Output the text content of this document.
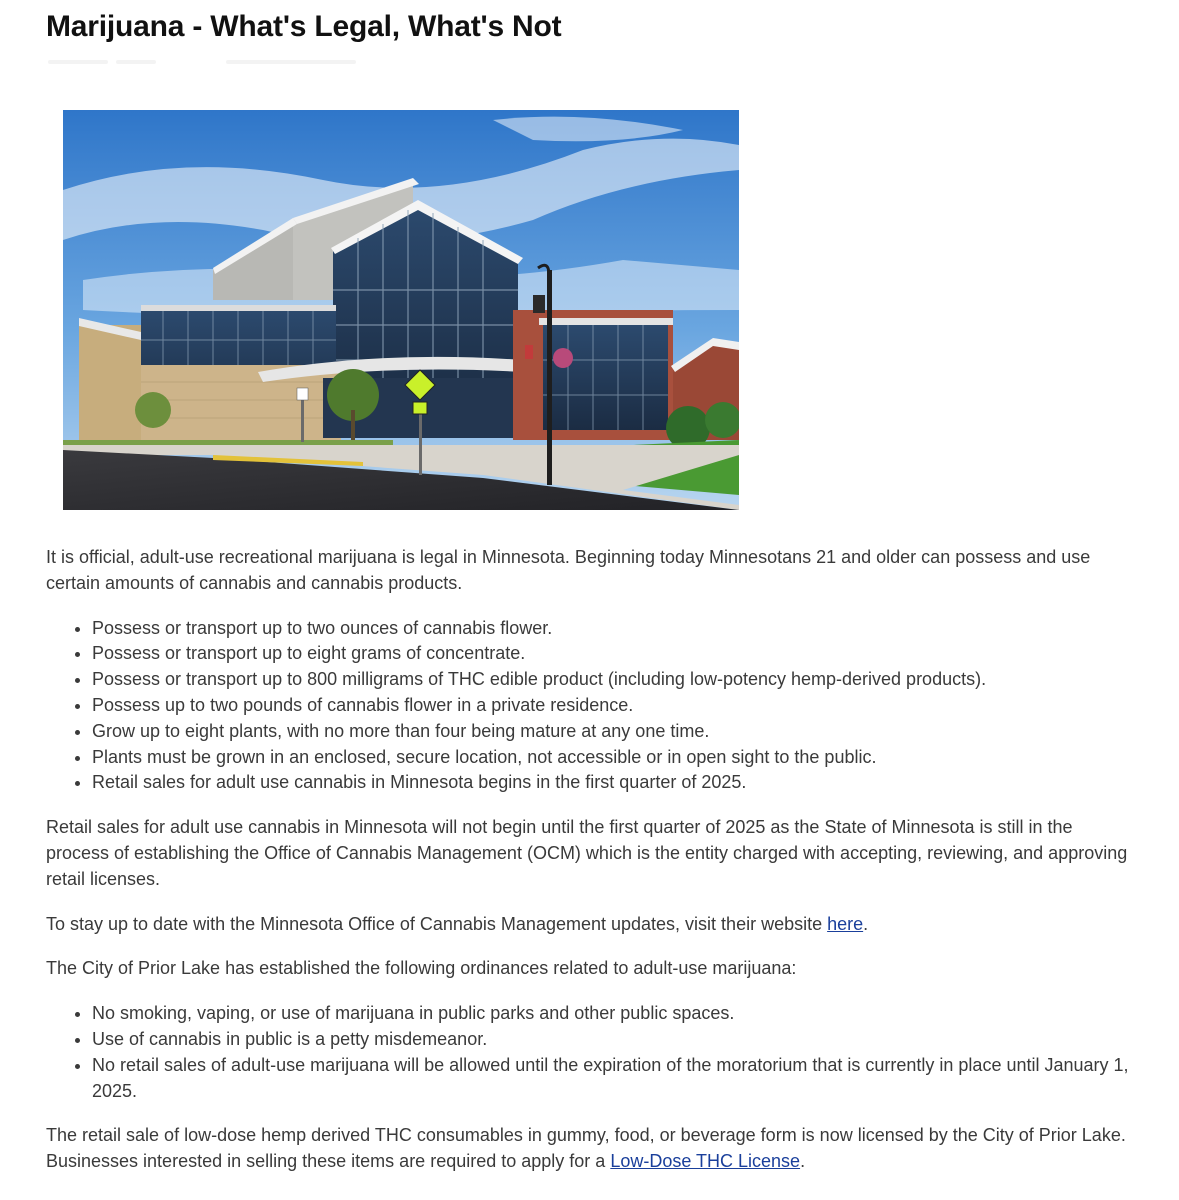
Marijuana - What's Legal, What's Not

It is official, adult-use recreational marijuana is legal in Minnesota. Beginning today Minnesotans 21 and older can possess and use certain amounts of cannabis and cannabis products.

• Possess or transport up to two ounces of cannabis flower.
• Possess or transport up to eight grams of concentrate.
• Possess or transport up to 800 milligrams of THC edible product (including low-potency hemp-derived products).
• Possess up to two pounds of cannabis flower in a private residence.
• Grow up to eight plants, with no more than four being mature at any one time.
• Plants must be grown in an enclosed, secure location, not accessible or in open sight to the public.
• Retail sales for adult use cannabis in Minnesota begins in the first quarter of 2025.

Retail sales for adult use cannabis in Minnesota will not begin until the first quarter of 2025 as the State of Minnesota is still in the process of establishing the Office of Cannabis Management (OCM) which is the entity charged with accepting, reviewing, and approving retail licenses.

To stay up to date with the Minnesota Office of Cannabis Management updates, visit their website here.

The City of Prior Lake has established the following ordinances related to adult-use marijuana:

• No smoking, vaping, or use of marijuana in public parks and other public spaces.
• Use of cannabis in public is a petty misdemeanor.
• No retail sales of adult-use marijuana will be allowed until the expiration of the moratorium that is currently in place until January 1, 2025.

The retail sale of low-dose hemp derived THC consumables in gummy, food, or beverage form is now licensed by the City of Prior Lake. Businesses interested in selling these items are required to apply for a Low-Dose THC License.
